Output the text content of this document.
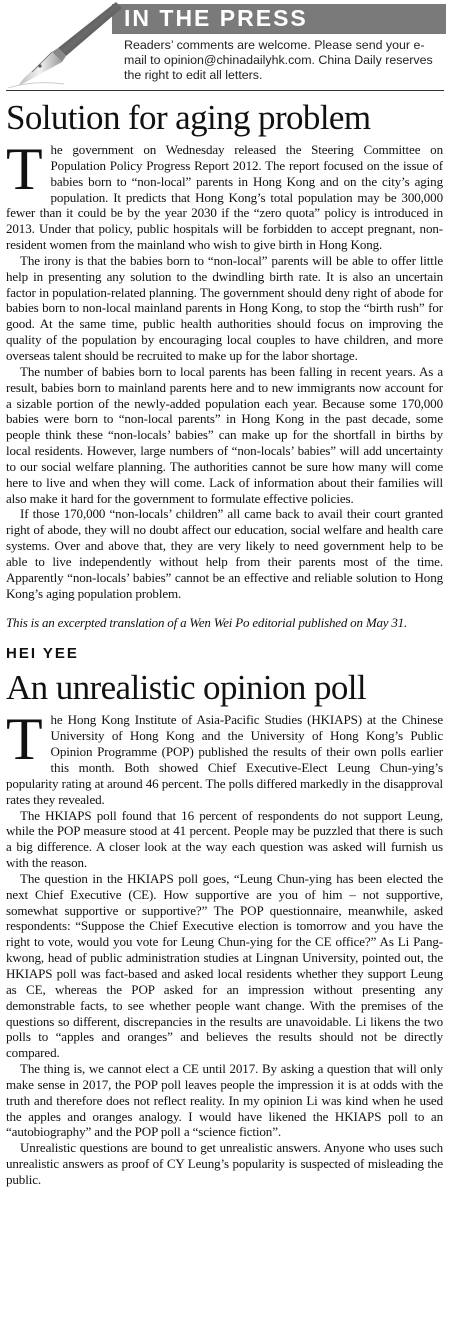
IN THE PRESS
Readers’ comments are welcome. Please send your e-mail to opinion@chinadailyhk.com. China Daily reserves the right to edit all letters.
Solution for aging problem

The government on Wednesday released the Steering Committee on Population Policy Progress Report 2012. The report focused on the issue of babies born to “non-local” parents in Hong Kong and on the city’s aging population. It predicts that Hong Kong’s total population may be 300,000 fewer than it could be by the year 2030 if the “zero quota” policy is introduced in 2013. Under that policy, public hospitals will be forbidden to accept pregnant, non-resident women from the mainland who wish to give birth in Hong Kong.

The irony is that the babies born to “non-local” parents will be able to offer little help in presenting any solution to the dwindling birth rate. It is also an uncertain factor in population-related planning. The government should deny right of abode for babies born to non-local mainland parents in Hong Kong, to stop the “birth rush” for good. At the same time, public health authorities should focus on improving the quality of the population by encouraging local couples to have children, and more overseas talent should be recruited to make up for the labor shortage.

The number of babies born to local parents has been falling in recent years. As a result, babies born to mainland parents here and to new immigrants now account for a sizable portion of the newly-added population each year. Because some 170,000 babies were born to “non-local parents” in Hong Kong in the past decade, some people think these “non-locals’ babies” can make up for the shortfall in births by local residents. However, large numbers of “non-locals’ babies” will add uncertainty to our social welfare planning. The authorities cannot be sure how many will come here to live and when they will come. Lack of information about their families will also make it hard for the government to formulate effective policies.

If those 170,000 “non-locals’ children” all came back to avail their court granted right of abode, they will no doubt affect our education, social welfare and health care systems. Over and above that, they are very likely to need government help to be able to live independently without help from their parents most of the time. Apparently “non-locals’ babies” cannot be an effective and reliable solution to Hong Kong’s aging population problem.

This is an excerpted translation of a Wen Wei Po editorial published on May 31.
HEI YEE
An unrealistic opinion poll

The Hong Kong Institute of Asia-Pacific Studies (HKIAPS) at the Chinese University of Hong Kong and the University of Hong Kong’s Public Opinion Programme (POP) published the results of their own polls earlier this month. Both showed Chief Executive-Elect Leung Chun-ying’s popularity rating at around 46 percent. The polls differed markedly in the disapproval rates they revealed.

The HKIAPS poll found that 16 percent of respondents do not support Leung, while the POP measure stood at 41 percent. People may be puzzled that there is such a big difference. A closer look at the way each question was asked will furnish us with the reason.

The question in the HKIAPS poll goes, “Leung Chun-ying has been elected the next Chief Executive (CE). How supportive are you of him – not supportive, somewhat supportive or supportive?” The POP questionnaire, meanwhile, asked respondents: “Suppose the Chief Executive election is tomorrow and you have the right to vote, would you vote for Leung Chun-ying for the CE office?” As Li Pang-kwong, head of public administration studies at Lingnan University, pointed out, the HKIAPS poll was fact-based and asked local residents whether they support Leung as CE, whereas the POP asked for an impression without presenting any demonstrable facts, to see whether people want change. With the premises of the questions so different, discrepancies in the results are unavoidable. Li likens the two polls to “apples and oranges” and believes the results should not be directly compared.

The thing is, we cannot elect a CE until 2017. By asking a question that will only make sense in 2017, the POP poll leaves people the impression it is at odds with the truth and therefore does not reflect reality. In my opinion Li was kind when he used the apples and oranges analogy. I would have likened the HKIAPS poll to an “autobiography” and the POP poll a “science fiction”.

Unrealistic questions are bound to get unrealistic answers. Anyone who uses such unrealistic answers as proof of CY Leung’s popularity is suspected of misleading the public.
